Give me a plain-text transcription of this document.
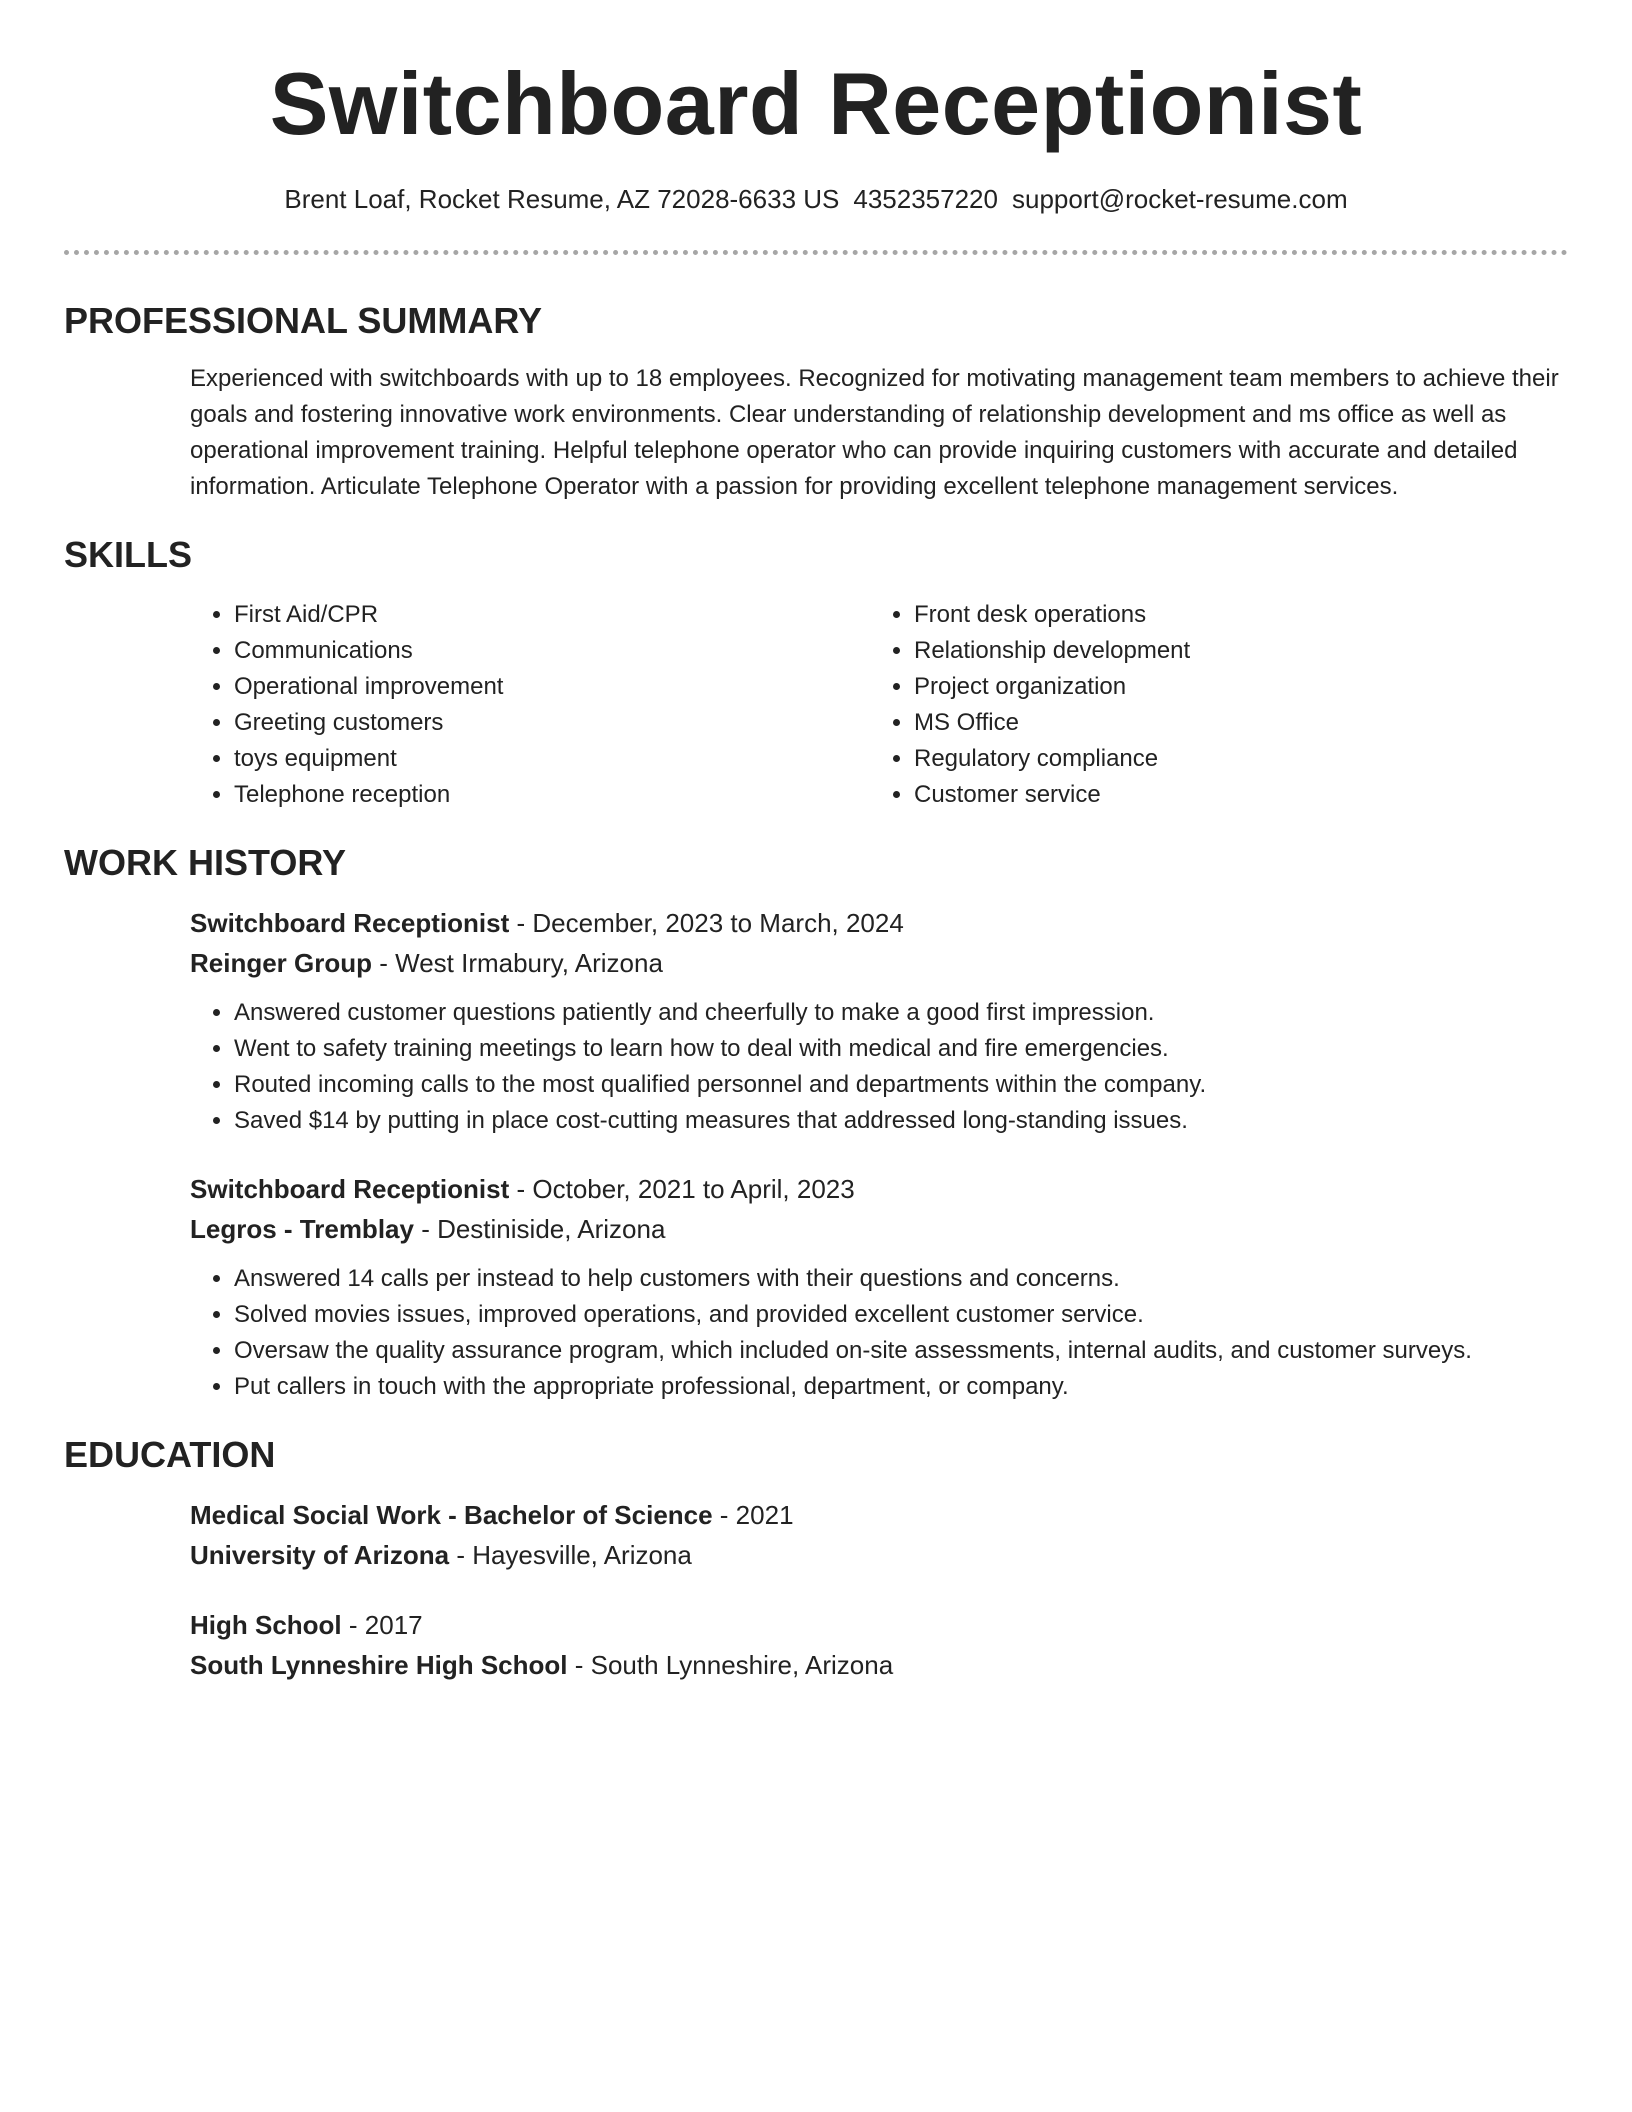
Switchboard Receptionist
Brent Loaf, Rocket Resume, AZ 72028-6633 US 4352357220 support@rocket-resume.com
PROFESSIONAL SUMMARY
Experienced with switchboards with up to 18 employees. Recognized for motivating management team members to achieve their goals and fostering innovative work environments. Clear understanding of relationship development and ms office as well as operational improvement training. Helpful telephone operator who can provide inquiring customers with accurate and detailed information. Articulate Telephone Operator with a passion for providing excellent telephone management services.
SKILLS
• First Aid/CPR
• Communications
• Operational improvement
• Greeting customers
• toys equipment
• Telephone reception
• Front desk operations
• Relationship development
• Project organization
• MS Office
• Regulatory compliance
• Customer service
WORK HISTORY
Switchboard Receptionist - December, 2023 to March, 2024
Reinger Group - West Irmabury, Arizona
• Answered customer questions patiently and cheerfully to make a good first impression.
• Went to safety training meetings to learn how to deal with medical and fire emergencies.
• Routed incoming calls to the most qualified personnel and departments within the company.
• Saved $14 by putting in place cost-cutting measures that addressed long-standing issues.
Switchboard Receptionist - October, 2021 to April, 2023
Legros - Tremblay - Destiniside, Arizona
• Answered 14 calls per instead to help customers with their questions and concerns.
• Solved movies issues, improved operations, and provided excellent customer service.
• Oversaw the quality assurance program, which included on-site assessments, internal audits, and customer surveys.
• Put callers in touch with the appropriate professional, department, or company.
EDUCATION
Medical Social Work - Bachelor of Science - 2021
University of Arizona - Hayesville, Arizona
High School - 2017
South Lynneshire High School - South Lynneshire, Arizona
